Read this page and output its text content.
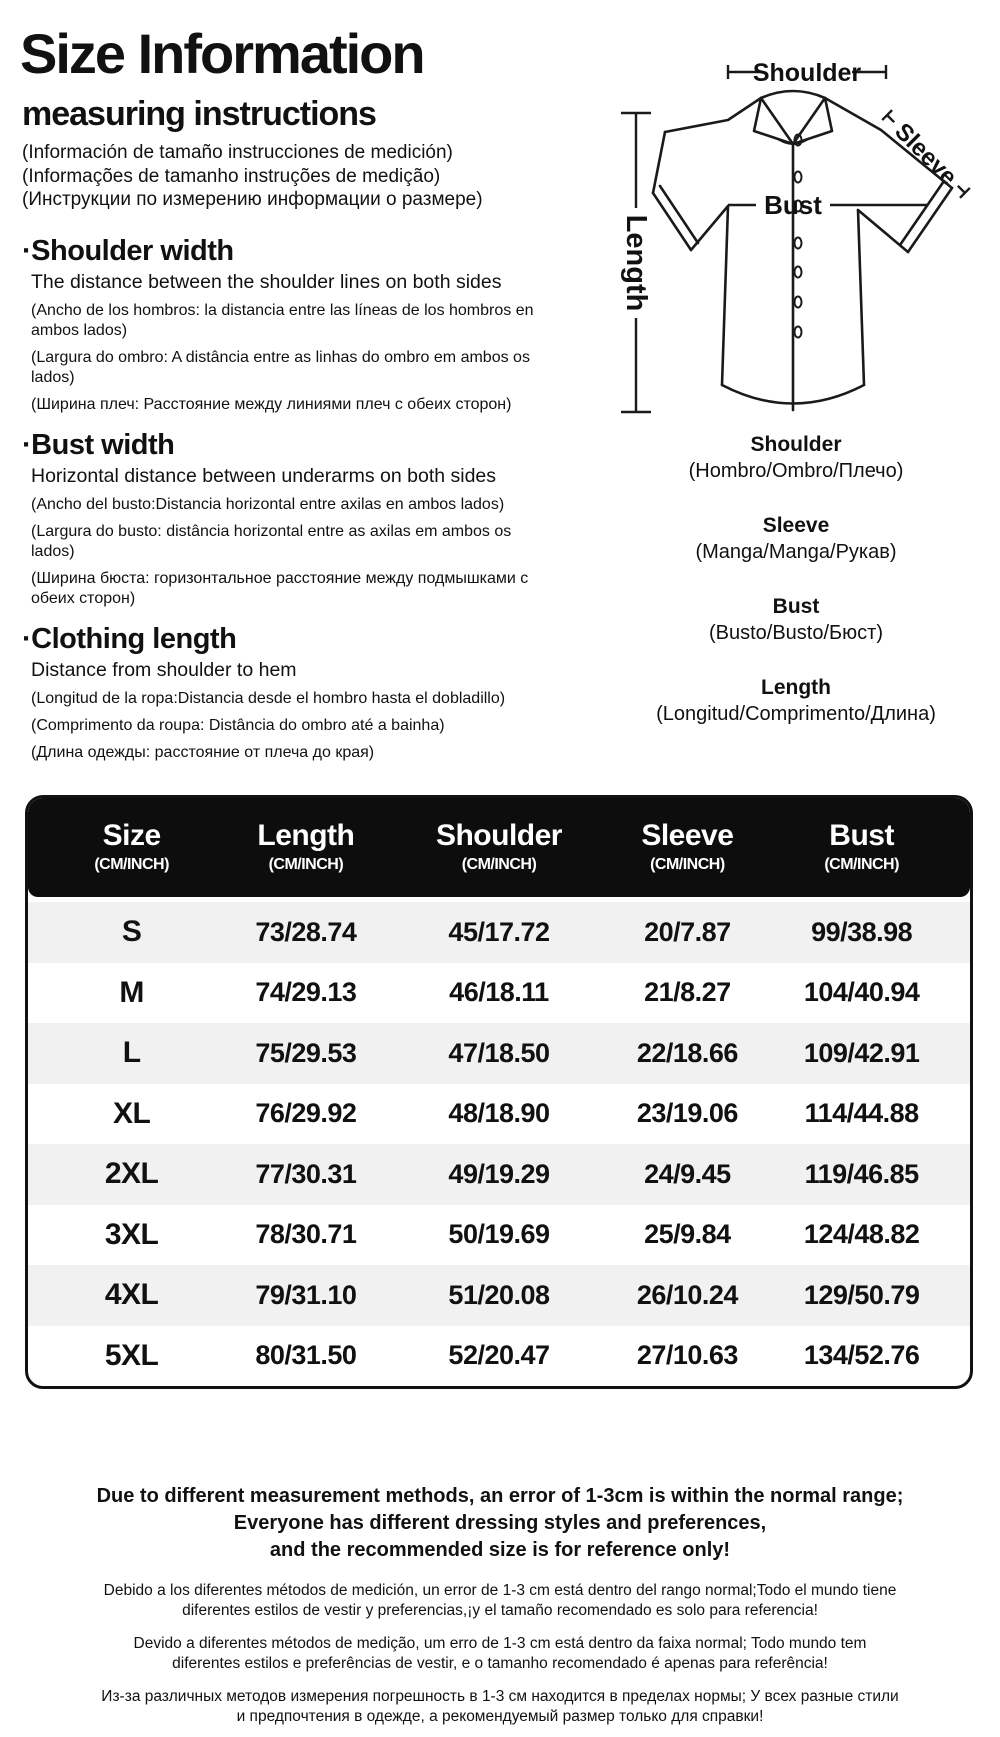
Size Information
measuring instructions
(Información de tamaño instrucciones de medición)
(Informações de tamanho instruções de medição)
(Инструкции по измерению информации о размере)
·Shoulder width
The distance between the shoulder lines on both sides

(Ancho de los hombros: la distancia entre las líneas de los hombros en ambos lados)

(Largura do ombro: A distância entre as linhas do ombro em ambos os lados)

(Ширина плеч: Расстояние между линиями плеч с обеих сторон)

·Bust width
Horizontal distance between underarms on both sides

(Ancho del busto:Distancia horizontal entre axilas en ambos lados)

(Largura do busto: distância horizontal entre as axilas em ambos os lados)

(Ширина бюста: горизонтальное расстояние между подмышками с обеих сторон)

·Clothing length
Distance from shoulder to hem

(Longitud de la ropa:Distancia desde el hombro hasta el dobladillo)

(Comprimento da roupa: Distância do ombro até a bainha)

(Длина одежды: расстояние от плеча до края)

Shoulder
Length
Sleeve
Bust
Shoulder
(Hombro/Ombro/Плечо)
Sleeve
(Manga/Manga/Рукав)
Bust
(Busto/Busto/Бюст)
Length
(Longitud/Comprimento/Длина)
Size
(CM/INCH)
Length
(CM/INCH)
Shoulder
(CM/INCH)
Sleeve
(CM/INCH)
Bust
(CM/INCH)
S	73/28.74	45/17.72	20/7.87	99/38.98
M	74/29.13	46/18.11	21/8.27	104/40.94
L	75/29.53	47/18.50	22/18.66	109/42.91
XL	76/29.92	48/18.90	23/19.06	114/44.88
2XL	77/30.31	49/19.29	24/9.45	119/46.85
3XL	78/30.71	50/19.69	25/9.84	124/48.82
4XL	79/31.10	51/20.08	26/10.24	129/50.79
5XL	80/31.50	52/20.47	27/10.63	134/52.76
Due to different measurement methods, an error of 1-3cm is within the normal range;
Everyone has different dressing styles and preferences,
and the recommended size is for reference only!
Debido a los diferentes métodos de medición, un error de 1-3 cm está dentro del rango normal;Todo el mundo tiene
diferentes estilos de vestir y preferencias,¡y el tamaño recomendado es solo para referencia!
Devido a diferentes métodos de medição, um erro de 1-3 cm está dentro da faixa normal; Todo mundo tem
diferentes estilos e preferências de vestir, e o tamanho recomendado é apenas para referência!
Из-за различных методов измерения погрешность в 1-3 см находится в пределах нормы; У всех разные стили
и предпочтения в одежде, а рекомендуемый размер только для справки!
